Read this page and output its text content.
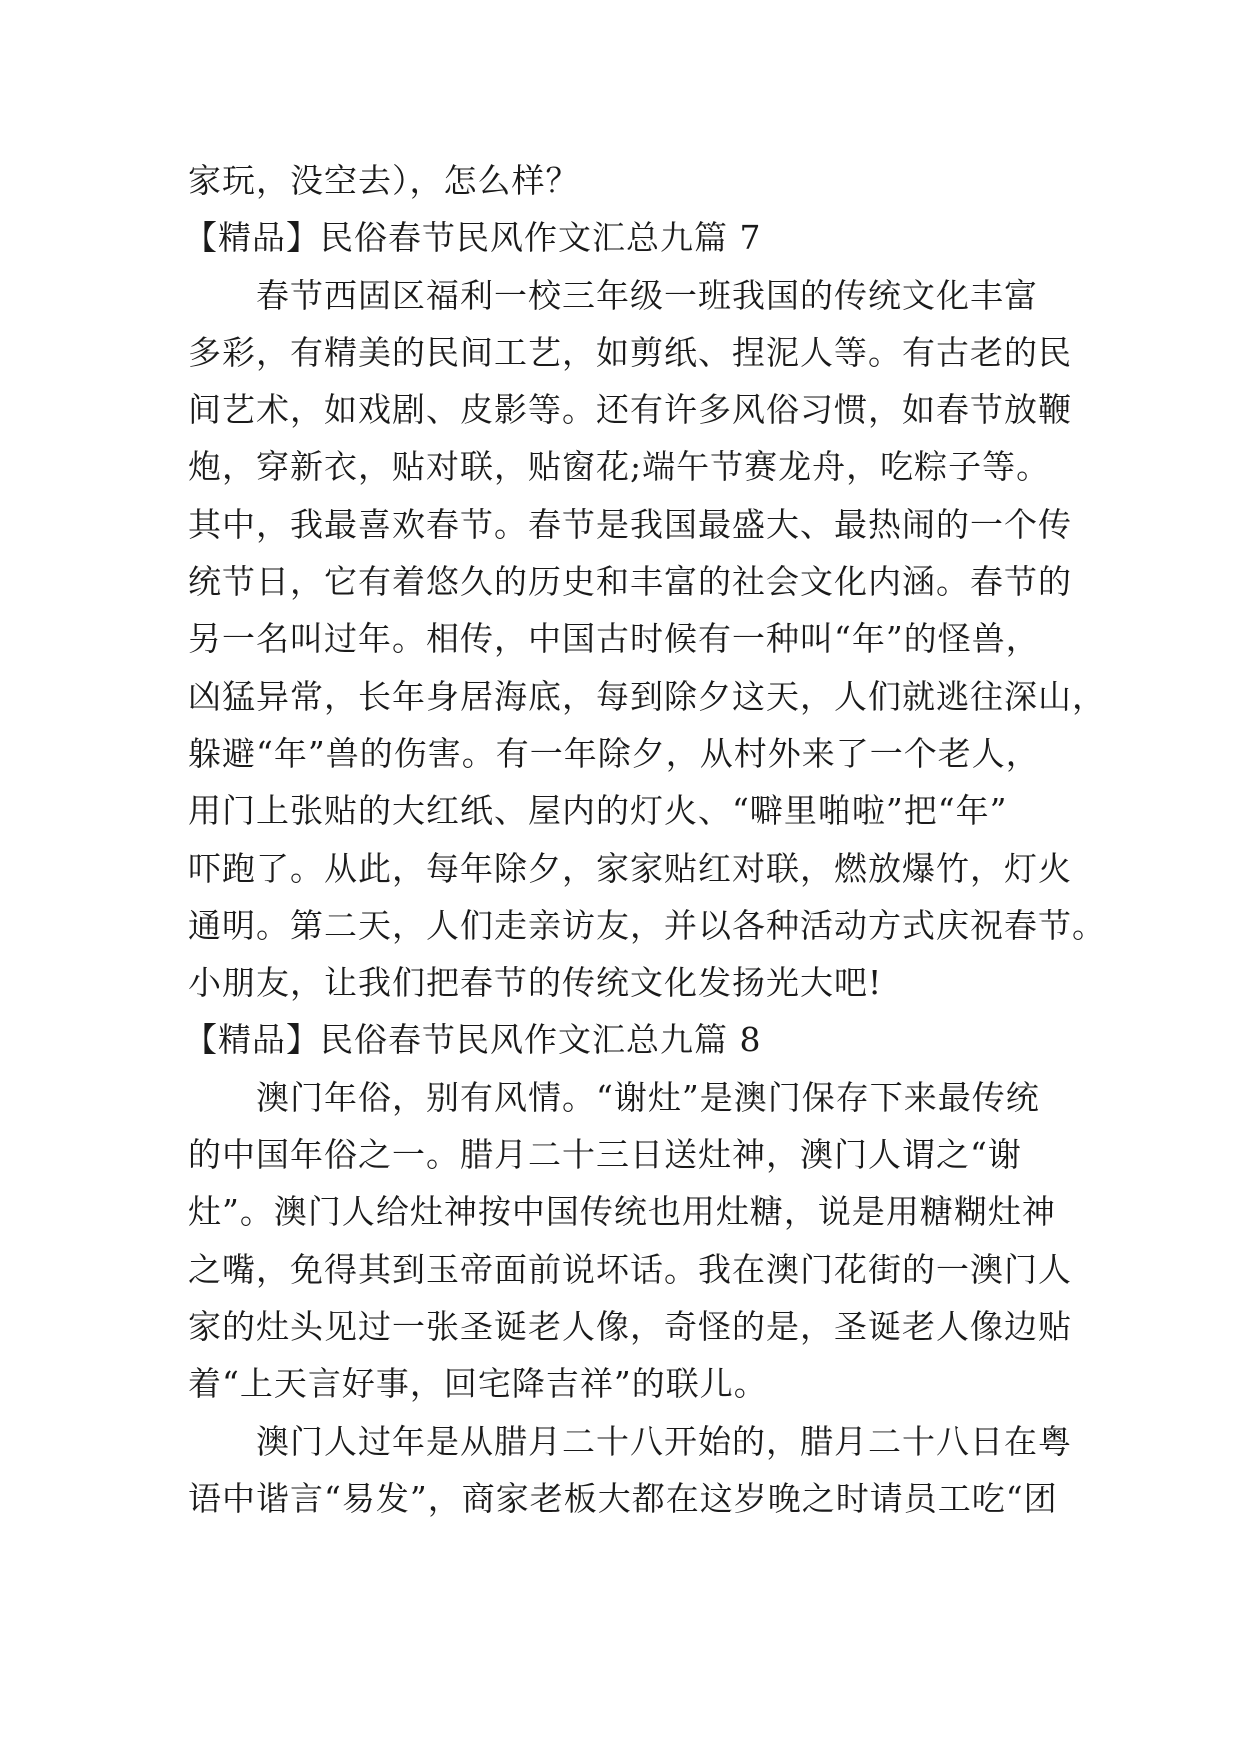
家玩，没空去），怎么样？
【精品】民俗春节民风作文汇总九篇 7
　　春节西固区福利一校三年级一班我国的传统文化丰富
多彩，有精美的民间工艺，如剪纸、捏泥人等。有古老的民
间艺术，如戏剧、皮影等。还有许多风俗习惯，如春节放鞭
炮，穿新衣，贴对联，贴窗花;端午节赛龙舟，吃粽子等。
其中，我最喜欢春节。春节是我国最盛大、最热闹的一个传
统节日，它有着悠久的历史和丰富的社会文化内涵。春节的
另一名叫过年。相传，中国古时候有一种叫“年”的怪兽，
凶猛异常，长年身居海底，每到除夕这天，人们就逃往深山，
躲避“年”兽的伤害。有一年除夕，从村外来了一个老人，
用门上张贴的大红纸、屋内的灯火、“噼里啪啦”把“年”
吓跑了。从此，每年除夕，家家贴红对联，燃放爆竹，灯火
通明。第二天，人们走亲访友，并以各种活动方式庆祝春节。
小朋友，让我们把春节的传统文化发扬光大吧!
【精品】民俗春节民风作文汇总九篇 8
　　澳门年俗，别有风情。“谢灶”是澳门保存下来最传统
的中国年俗之一。腊月二十三日送灶神，澳门人谓之“谢
灶”。澳门人给灶神按中国传统也用灶糖，说是用糖糊灶神
之嘴，免得其到玉帝面前说坏话。我在澳门花街的一澳门人
家的灶头见过一张圣诞老人像，奇怪的是，圣诞老人像边贴
着“上天言好事，回宅降吉祥”的联儿。
　　澳门人过年是从腊月二十八开始的，腊月二十八日在粤
语中谐言“易发”，商家老板大都在这岁晚之时请员工吃“团
